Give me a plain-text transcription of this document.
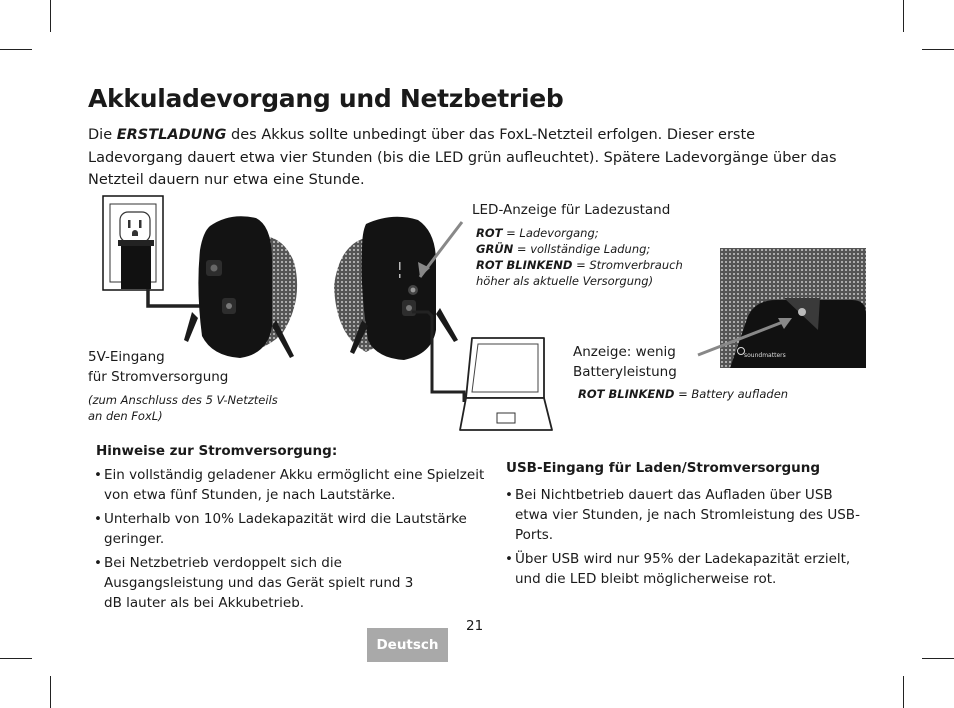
Akkuladevorgang und Netzbetrieb
Die ERSTLADUNG des Akkus sollte unbedingt über das FoxL-Netzteil erfolgen. Dieser erste Ladevorgang dauert etwa vier Stunden (bis die LED grün aufleuchtet). Spätere Ladevorgänge über das Netzteil dauern nur etwa eine Stunde.
soundmatters
LED-Anzeige für Ladezustand
ROT = Ladevorgang;
GRÜN = vollständige Ladung;
ROT BLINKEND = Stromverbrauch
höher als aktuelle Versorgung)
5V-Eingang
für Stromversorgung
(zum Anschluss des 5 V-Netzteils
an den FoxL)
Anzeige: wenig
Batteryleistung
ROT BLINKEND = Battery aufladen
Hinweise zur Stromversorgung:
• Ein vollständig geladener Akku ermöglicht eine Spielzeit von etwa fünf Stunden, je nach Lautstärke.
• Unterhalb von 10% Ladekapazität wird die Lautstärke geringer.
• Bei Netzbetrieb verdoppelt sich die Ausgangsleistung und das Gerät spielt rund 3 dB lauter als bei Akkubetrieb.
USB-Eingang für Laden/Stromversorgung
• Bei Nichtbetrieb dauert das Aufladen über USB etwa vier Stunden, je nach Stromleistung des USB-Ports.
• Über USB wird nur 95% der Ladekapazität erzielt, und die LED bleibt möglicherweise rot.
21
Deutsch
